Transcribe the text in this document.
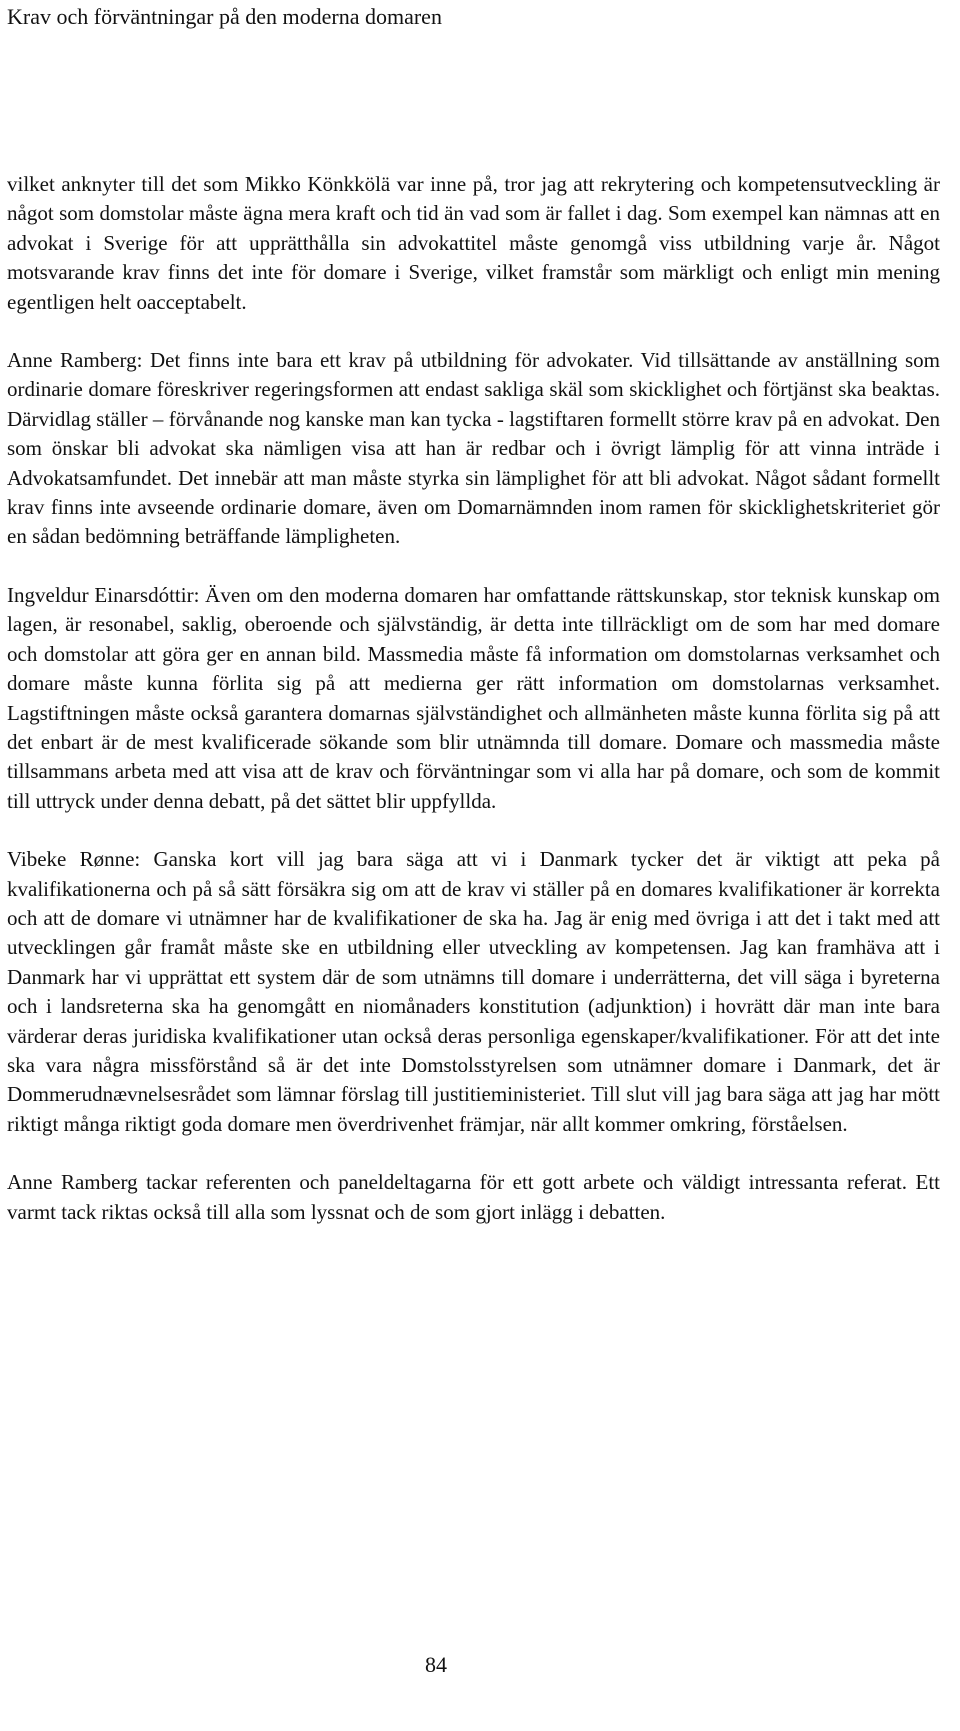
Krav och förväntningar på den moderna domaren

vilket anknyter till det som Mikko Könkkölä var inne på, tror jag att rekrytering och kompetensutveckling är något som domstolar måste ägna mera kraft och tid än vad som är fallet i dag. Som exempel kan nämnas att en advokat i Sverige för att upprätthålla sin advokattitel måste genomgå viss utbildning varje år. Något motsvarande krav finns det inte för domare i Sverige, vilket framstår som märkligt och enligt min mening egentligen helt oacceptabelt.

Anne Ramberg: Det finns inte bara ett krav på utbildning för advokater. Vid tillsättande av anställning som ordinarie domare föreskriver regeringsformen att endast sakliga skäl som skicklighet och förtjänst ska beaktas. Därvidlag ställer – förvånande nog kanske man kan tycka - lagstiftaren formellt större krav på en advokat. Den som önskar bli advokat ska nämligen visa att han är redbar och i övrigt lämplig för att vinna inträde i Advokatsamfundet. Det innebär att man måste styrka sin lämplighet för att bli advokat. Något sådant formellt krav finns inte avseende ordinarie domare, även om Domarnämnden inom ramen för skicklighetskriteriet gör en sådan bedömning beträffande lämpligheten.

Ingveldur Einarsdóttir: Även om den moderna domaren har omfattande rättskunskap, stor teknisk kunskap om lagen, är resonabel, saklig, oberoende och självständig, är detta inte tillräckligt om de som har med domare och domstolar att göra ger en annan bild. Massmedia måste få information om domstolarnas verksamhet och domare måste kunna förlita sig på att medierna ger rätt information om domstolarnas verksamhet. Lagstiftningen måste också garantera domarnas självständighet och allmänheten måste kunna förlita sig på att det enbart är de mest kvalificerade sökande som blir utnämnda till domare. Domare och massmedia måste tillsammans arbeta med att visa att de krav och förväntningar som vi alla har på domare, och som de kommit till uttryck under denna debatt, på det sättet blir uppfyllda.

Vibeke Rønne: Ganska kort vill jag bara säga att vi i Danmark tycker det är viktigt att peka på kvalifikationerna och på så sätt försäkra sig om att de krav vi ställer på en domares kvalifikationer är korrekta och att de domare vi utnämner har de kvalifikationer de ska ha. Jag är enig med övriga i att det i takt med att utvecklingen går framåt måste ske en utbildning eller utveckling av kompetensen. Jag kan framhäva att i Danmark har vi upprättat ett system där de som utnämns till domare i underrätterna, det vill säga i byreterna och i landsreterna ska ha genomgått en niomånaders konstitution (adjunktion) i hovrätt där man inte bara värderar deras juridiska kvalifikationer utan också deras personliga egenskaper/kvalifikationer. För att det inte ska vara några missförstånd så är det inte Domstolsstyrelsen som utnämner domare i Danmark, det är Dommerudnævnelsesrådet som lämnar förslag till justitieministeriet. Till slut vill jag bara säga att jag har mött riktigt många riktigt goda domare men överdrivenhet främjar, när allt kommer omkring, förståelsen.

Anne Ramberg tackar referenten och paneldeltagarna för ett gott arbete och väldigt intressanta referat. Ett varmt tack riktas också till alla som lyssnat och de som gjort inlägg i debatten.

84
